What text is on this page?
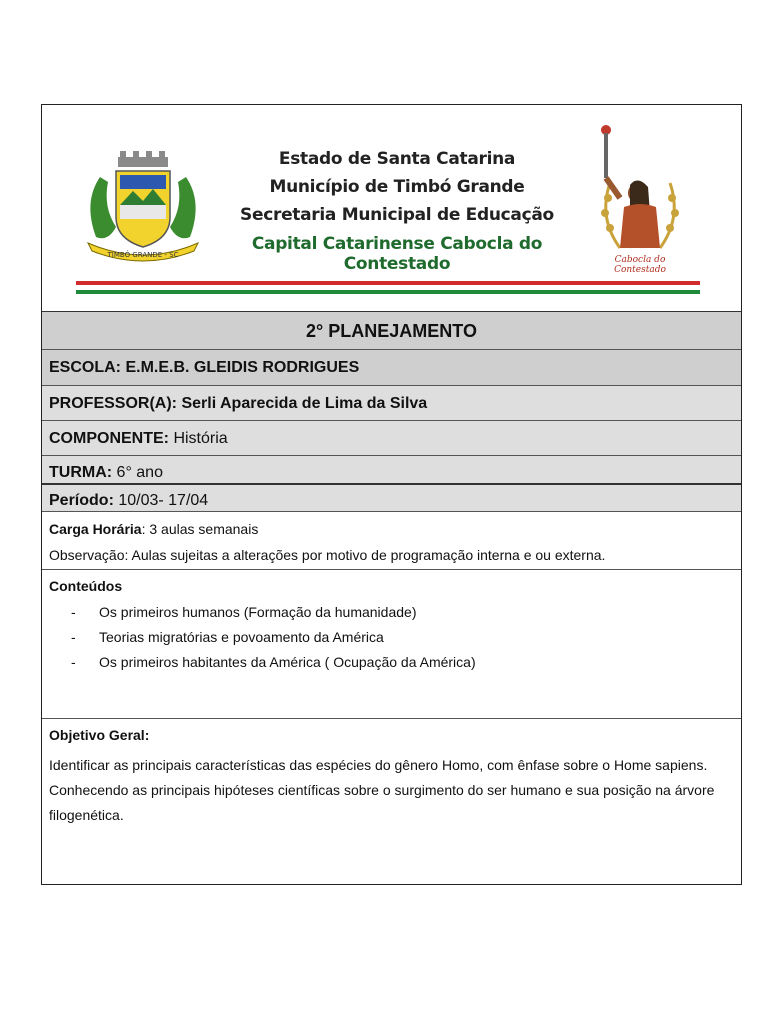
TIMBÓ GRANDE - SC
Estado de Santa Catarina
Município de Timbó Grande
Secretaria Municipal de Educação
Capital Catarinense Cabocla do Contestado	Cabocla do Contestado
2° PLANEJAMENTO
ESCOLA: E.M.E.B. GLEIDIS RODRIGUES
PROFESSOR(A): Serli Aparecida de Lima da Silva
COMPONENTE: História
TURMA: 6° ano
Período: 10/03- 17/04
Carga Horária: 3 aulas semanais
Observação: Aulas sujeitas a alterações por motivo de programação interna e ou externa.
Conteúdos
- Os primeiros humanos (Formação da humanidade)
- Teorias migratórias e povoamento da América
- Os primeiros habitantes da América ( Ocupação da América)
Objetivo Geral:
Identificar as principais características das espécies do gênero Homo, com ênfase sobre o Home sapiens. Conhecendo as principais hipóteses científicas sobre o surgimento do ser humano e sua posição na árvore filogenética.
